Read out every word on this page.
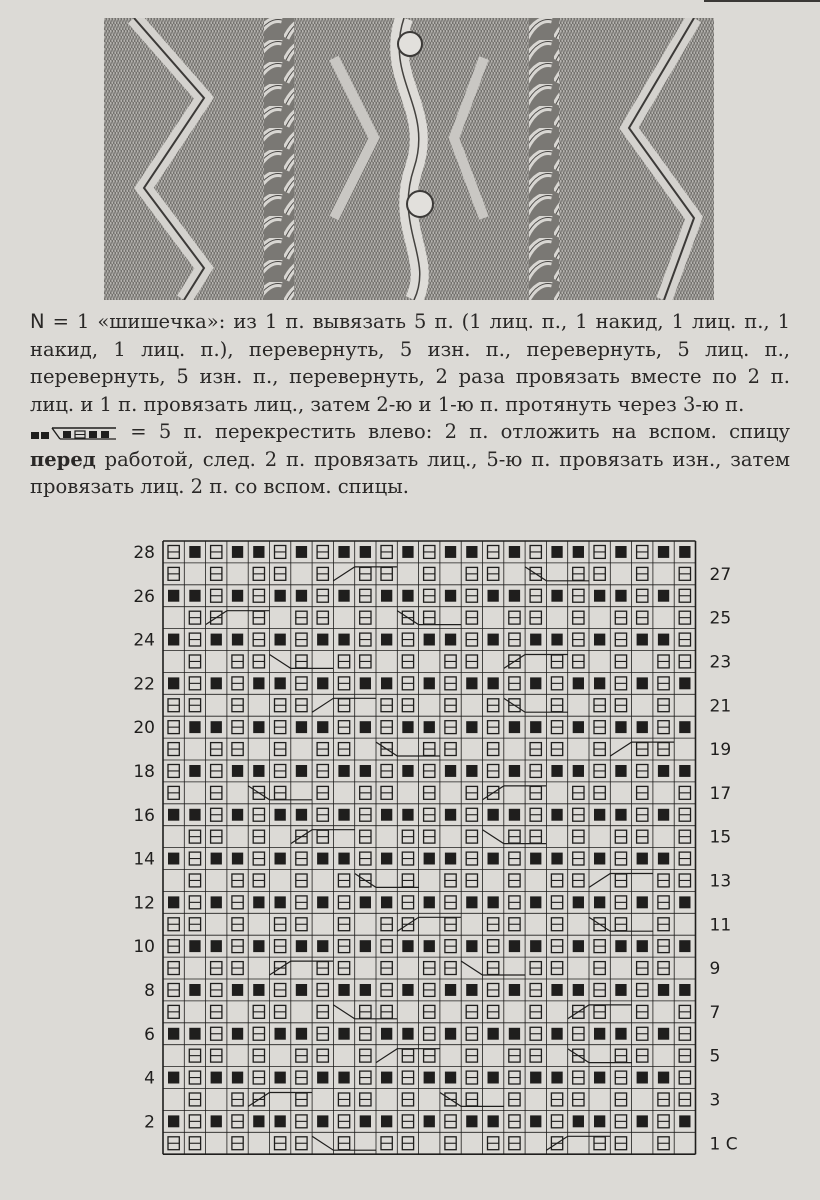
N = 1 «шишечка»: из 1 п. вывязать 5 п. (1 лиц. п., 1 накид, 1 лиц. п., 1 накид, 1 лиц. п.), перевернуть, 5 изн. п., перевернуть, 5 лиц. п., перевернуть, 5 изн. п., перевернуть, 2 раза провязать вместе по 2 п. лиц. и 1 п. провязать лиц., затем 2-ю и 1-ю п. протянуть через 3-ю п.

= 5 п. перекрестить влево: 2 п. отложить на вспом. спицу перед работой, след. 2 п. провязать лиц., 5-ю п. провязать изн., затем провязать лиц. 2 п. со вспом. спицы.

28
26
24
22
20
18
16
14
12
10
8
6
4
2
27
25
23
21
19
17
15
13
11
9
7
5
3
1 С
